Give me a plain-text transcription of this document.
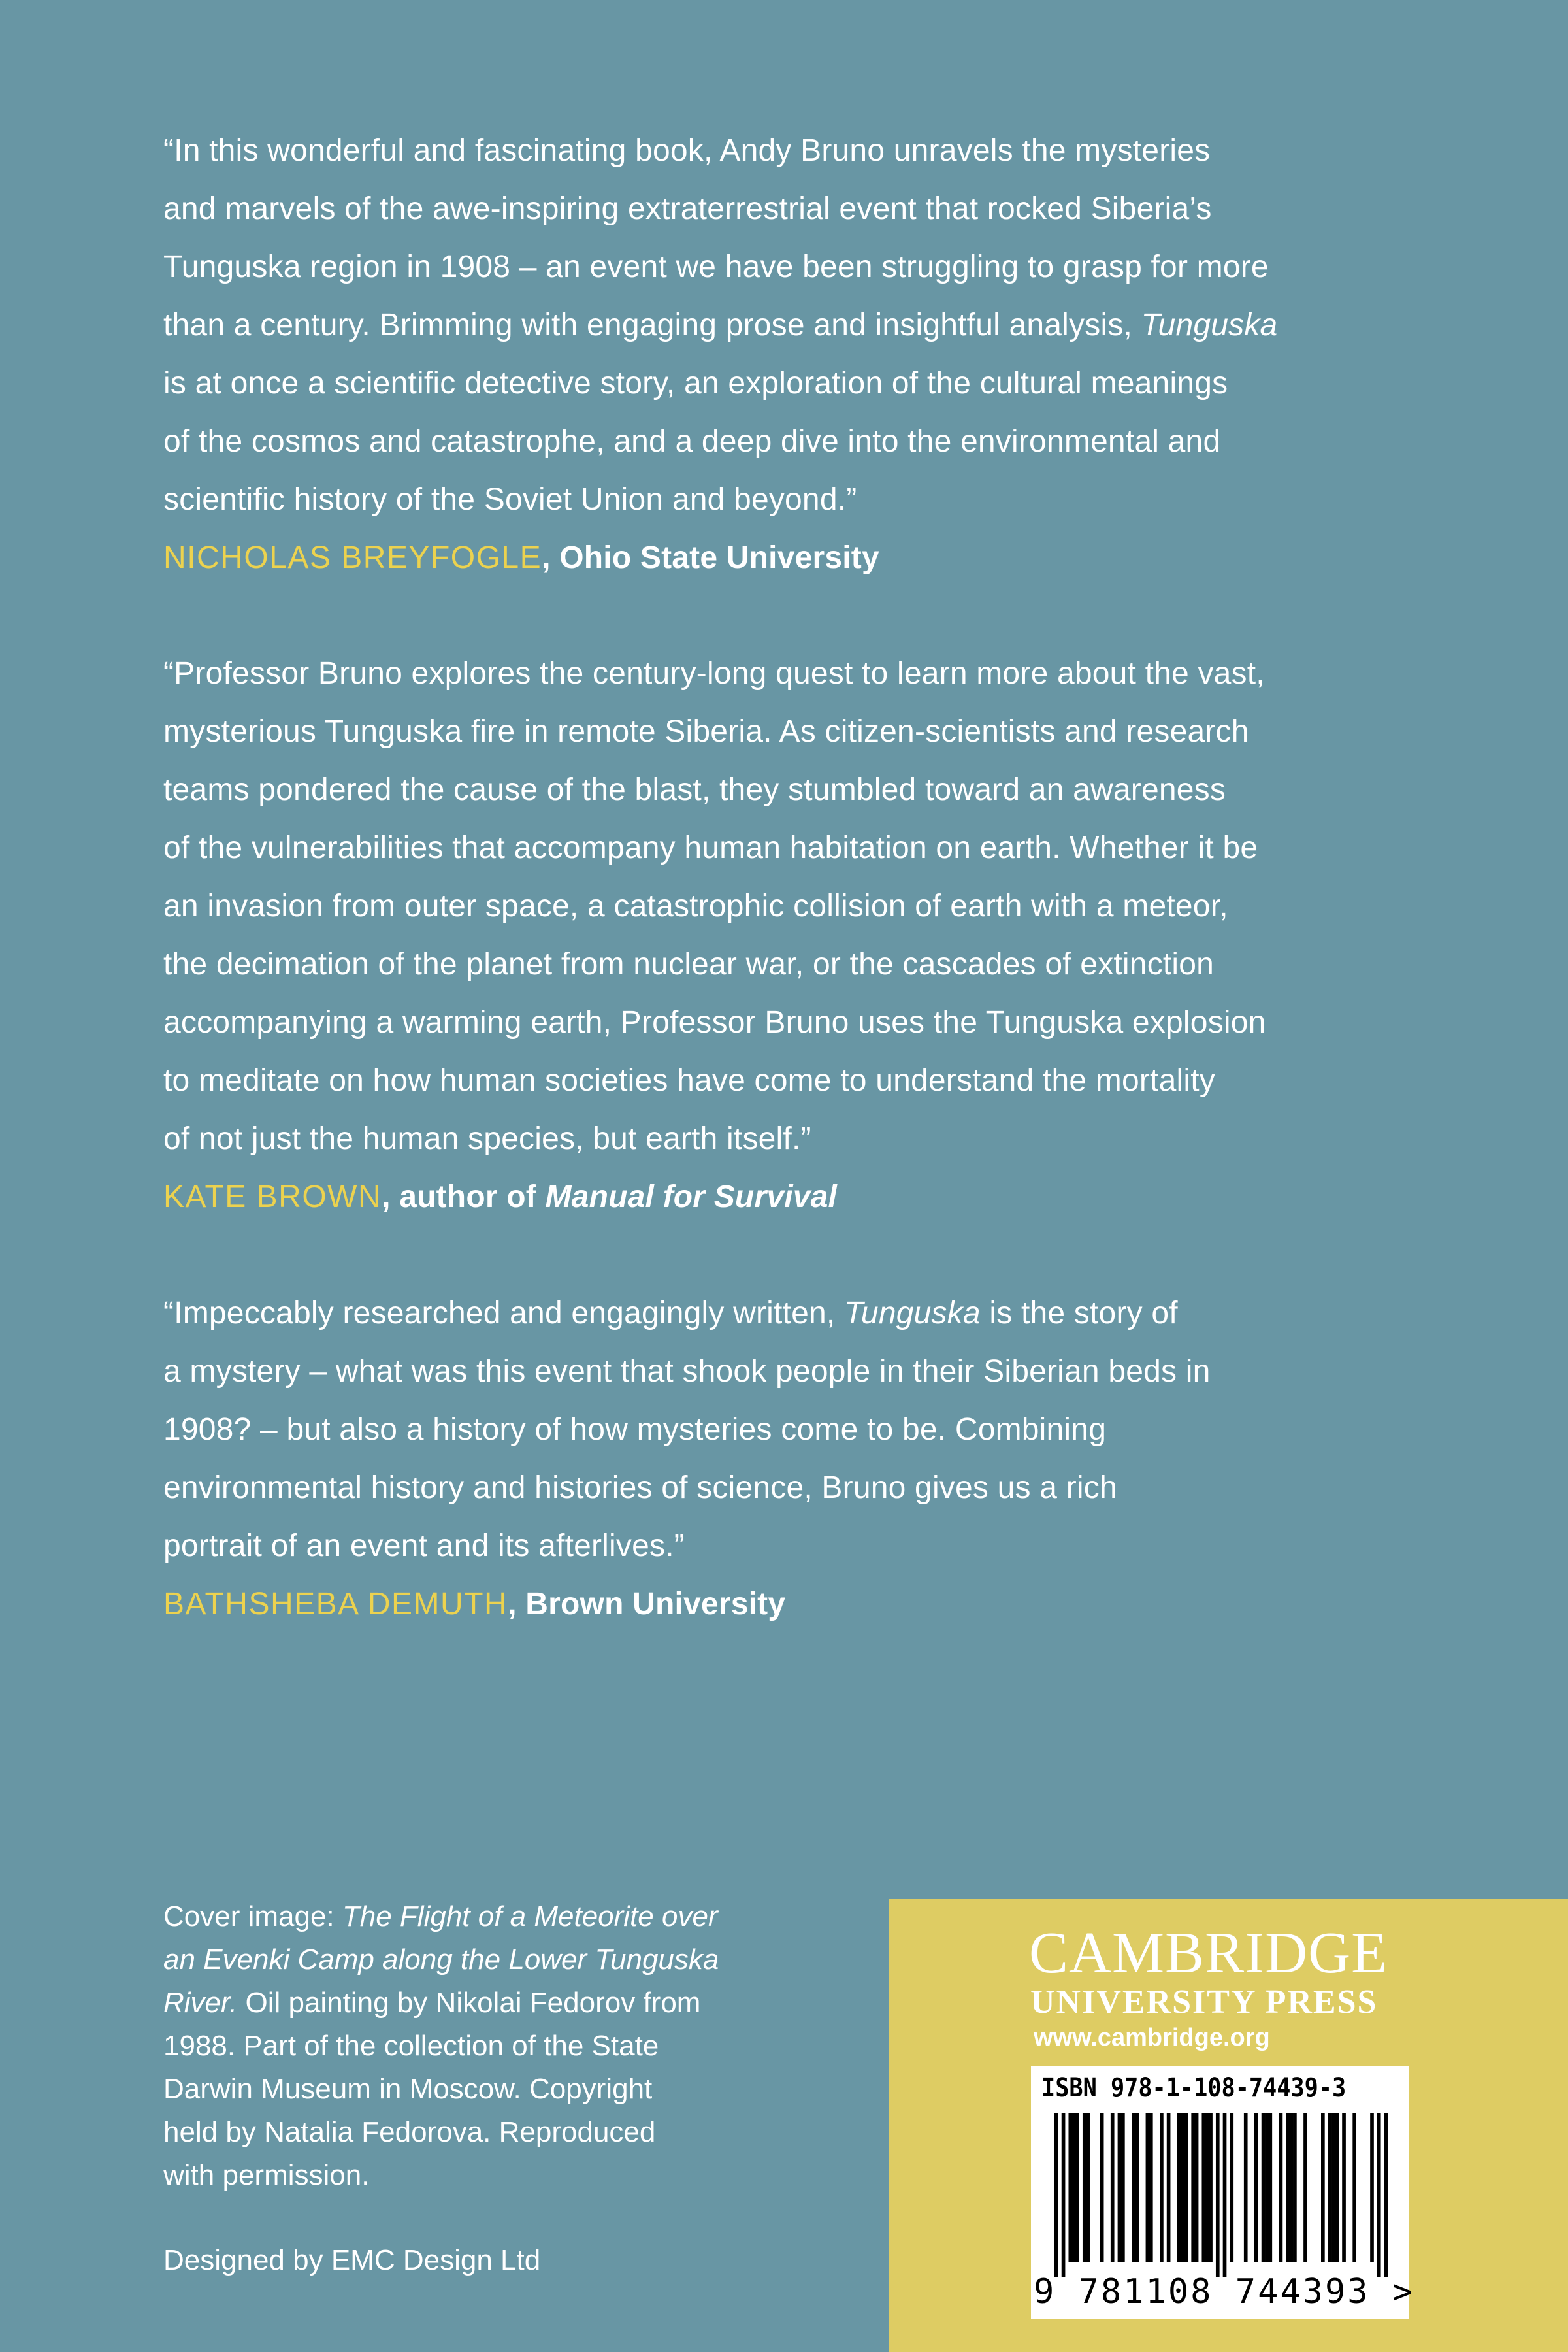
“In this wonderful and fascinating book, Andy Bruno unravels the mysteries

and marvels of the awe-inspiring extraterrestrial event that rocked Siberia’s

Tunguska region in 1908 – an event we have been struggling to grasp for more

than a century. Brimming with engaging prose and insightful analysis, Tunguska

is at once a scientific detective story, an exploration of the cultural meanings

of the cosmos and catastrophe, and a deep dive into the environmental and

scientific history of the Soviet Union and beyond.”

NICHOLAS BREYFOGLE, Ohio State University

“Professor Bruno explores the century-long quest to learn more about the vast,

mysterious Tunguska fire in remote Siberia. As citizen-scientists and research

teams pondered the cause of the blast, they stumbled toward an awareness

of the vulnerabilities that accompany human habitation on earth. Whether it be

an invasion from outer space, a catastrophic collision of earth with a meteor,

the decimation of the planet from nuclear war, or the cascades of extinction

accompanying a warming earth, Professor Bruno uses the Tunguska explosion

to meditate on how human societies have come to understand the mortality

of not just the human species, but earth itself.”

KATE BROWN, author of Manual for Survival

“Impeccably researched and engagingly written, Tunguska is the story of

a mystery – what was this event that shook people in their Siberian beds in

1908? – but also a history of how mysteries come to be. Combining

environmental history and histories of science, Bruno gives us a rich

portrait of an event and its afterlives.”

BATHSHEBA DEMUTH, Brown University

Cover image: The Flight of a Meteorite over

an Evenki Camp along the Lower Tunguska

River. Oil painting by Nikolai Fedorov from

1988. Part of the collection of the State

Darwin Museum in Moscow. Copyright

held by Natalia Fedorova. Reproduced

with permission.

Designed by EMC Design Ltd

CAMBRIDGE
UNIVERSITY PRESS
www.cambridge.org
ISBN 978-1-108-74439-3
9 781108 744393 >
